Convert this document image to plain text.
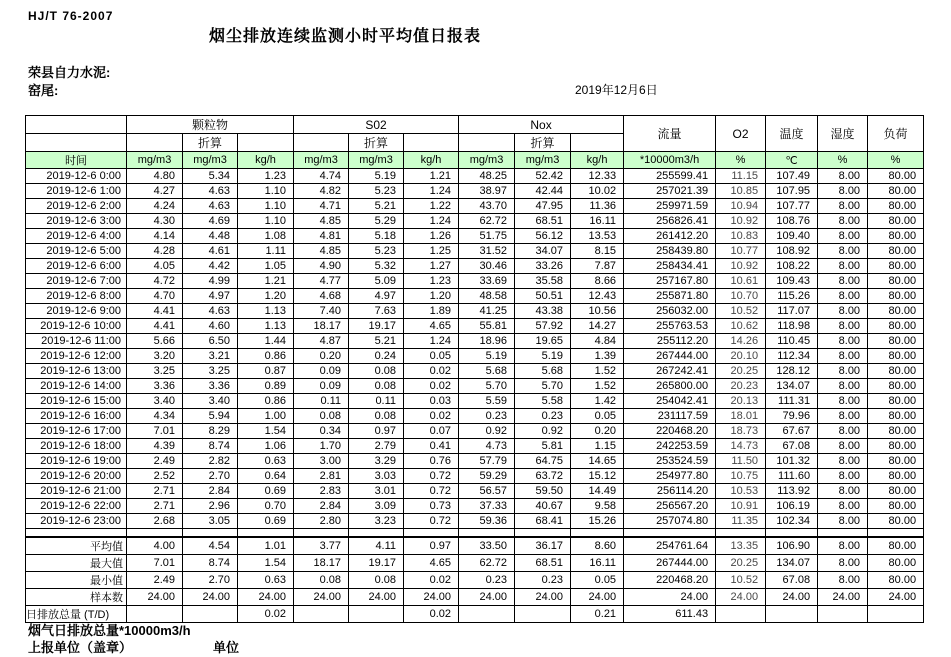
HJ/T 76-2007
烟尘排放连续监测小时平均值日报表
荣县自力水泥:
窑尾:	2019年12月6日
	颗粒物			S02			Nox			流量	O2	温度	湿度	负荷
		折算			折算			折算						
时间	mg/m3	mg/m3	kg/h	mg/m3	mg/m3	kg/h	mg/m3	mg/m3	kg/h	*10000m3/h	%	℃	%	%
2019-12-6 0:00	4.80	5.34	1.23	4.74	5.19	1.21	48.25	52.42	12.33	255599.41	11.15	107.49	8.00	80.00
2019-12-6 1:00	4.27	4.63	1.10	4.82	5.23	1.24	38.97	42.44	10.02	257021.39	10.85	107.95	8.00	80.00
2019-12-6 2:00	4.24	4.63	1.10	4.71	5.21	1.22	43.70	47.95	11.36	259971.59	10.94	107.77	8.00	80.00
2019-12-6 3:00	4.30	4.69	1.10	4.85	5.29	1.24	62.72	68.51	16.11	256826.41	10.92	108.76	8.00	80.00
2019-12-6 4:00	4.14	4.48	1.08	4.81	5.18	1.26	51.75	56.12	13.53	261412.20	10.83	109.40	8.00	80.00
2019-12-6 5:00	4.28	4.61	1.11	4.85	5.23	1.25	31.52	34.07	8.15	258439.80	10.77	108.92	8.00	80.00
2019-12-6 6:00	4.05	4.42	1.05	4.90	5.32	1.27	30.46	33.26	7.87	258434.41	10.92	108.22	8.00	80.00
2019-12-6 7:00	4.72	4.99	1.21	4.77	5.09	1.23	33.69	35.58	8.66	257167.80	10.61	109.43	8.00	80.00
2019-12-6 8:00	4.70	4.97	1.20	4.68	4.97	1.20	48.58	50.51	12.43	255871.80	10.70	115.26	8.00	80.00
2019-12-6 9:00	4.41	4.63	1.13	7.40	7.63	1.89	41.25	43.38	10.56	256032.00	10.52	117.07	8.00	80.00
2019-12-6 10:00	4.41	4.60	1.13	18.17	19.17	4.65	55.81	57.92	14.27	255763.53	10.62	118.98	8.00	80.00
2019-12-6 11:00	5.66	6.50	1.44	4.87	5.21	1.24	18.96	19.65	4.84	255112.20	14.26	110.45	8.00	80.00
2019-12-6 12:00	3.20	3.21	0.86	0.20	0.24	0.05	5.19	5.19	1.39	267444.00	20.10	112.34	8.00	80.00
2019-12-6 13:00	3.25	3.25	0.87	0.09	0.08	0.02	5.68	5.68	1.52	267242.41	20.25	128.12	8.00	80.00
2019-12-6 14:00	3.36	3.36	0.89	0.09	0.08	0.02	5.70	5.70	1.52	265800.00	20.23	134.07	8.00	80.00
2019-12-6 15:00	3.40	3.40	0.86	0.11	0.11	0.03	5.59	5.58	1.42	254042.41	20.13	111.31	8.00	80.00
2019-12-6 16:00	4.34	5.94	1.00	0.08	0.08	0.02	0.23	0.23	0.05	231117.59	18.01	79.96	8.00	80.00
2019-12-6 17:00	7.01	8.29	1.54	0.34	0.97	0.07	0.92	0.92	0.20	220468.20	18.73	67.67	8.00	80.00
2019-12-6 18:00	4.39	8.74	1.06	1.70	2.79	0.41	4.73	5.81	1.15	242253.59	14.73	67.08	8.00	80.00
2019-12-6 19:00	2.49	2.82	0.63	3.00	3.29	0.76	57.79	64.75	14.65	253524.59	11.50	101.32	8.00	80.00
2019-12-6 20:00	2.52	2.70	0.64	2.81	3.03	0.72	59.29	63.72	15.12	254977.80	10.75	111.60	8.00	80.00
2019-12-6 21:00	2.71	2.84	0.69	2.83	3.01	0.72	56.57	59.50	14.49	256114.20	10.53	113.92	8.00	80.00
2019-12-6 22:00	2.71	2.96	0.70	2.84	3.09	0.73	37.33	40.67	9.58	256567.20	10.91	106.19	8.00	80.00
2019-12-6 23:00	2.68	3.05	0.69	2.80	3.23	0.72	59.36	68.41	15.26	257074.80	11.35	102.34	8.00	80.00

平均值	4.00	4.54	1.01	3.77	4.11	0.97	33.50	36.17	8.60	254761.64	13.35	106.90	8.00	80.00
最大值	7.01	8.74	1.54	18.17	19.17	4.65	62.72	68.51	16.11	267444.00	20.25	134.07	8.00	80.00
最小值	2.49	2.70	0.63	0.08	0.08	0.02	0.23	0.23	0.05	220468.20	10.52	67.08	8.00	80.00
样本数	24.00	24.00	24.00	24.00	24.00	24.00	24.00	24.00	24.00	24.00	24.00	24.00	24.00	24.00
日排放总量 (T/D)			0.02			0.02			0.21	611.43				
烟气日排放总量*10000m3/h
上报单位（盖章）	单位
